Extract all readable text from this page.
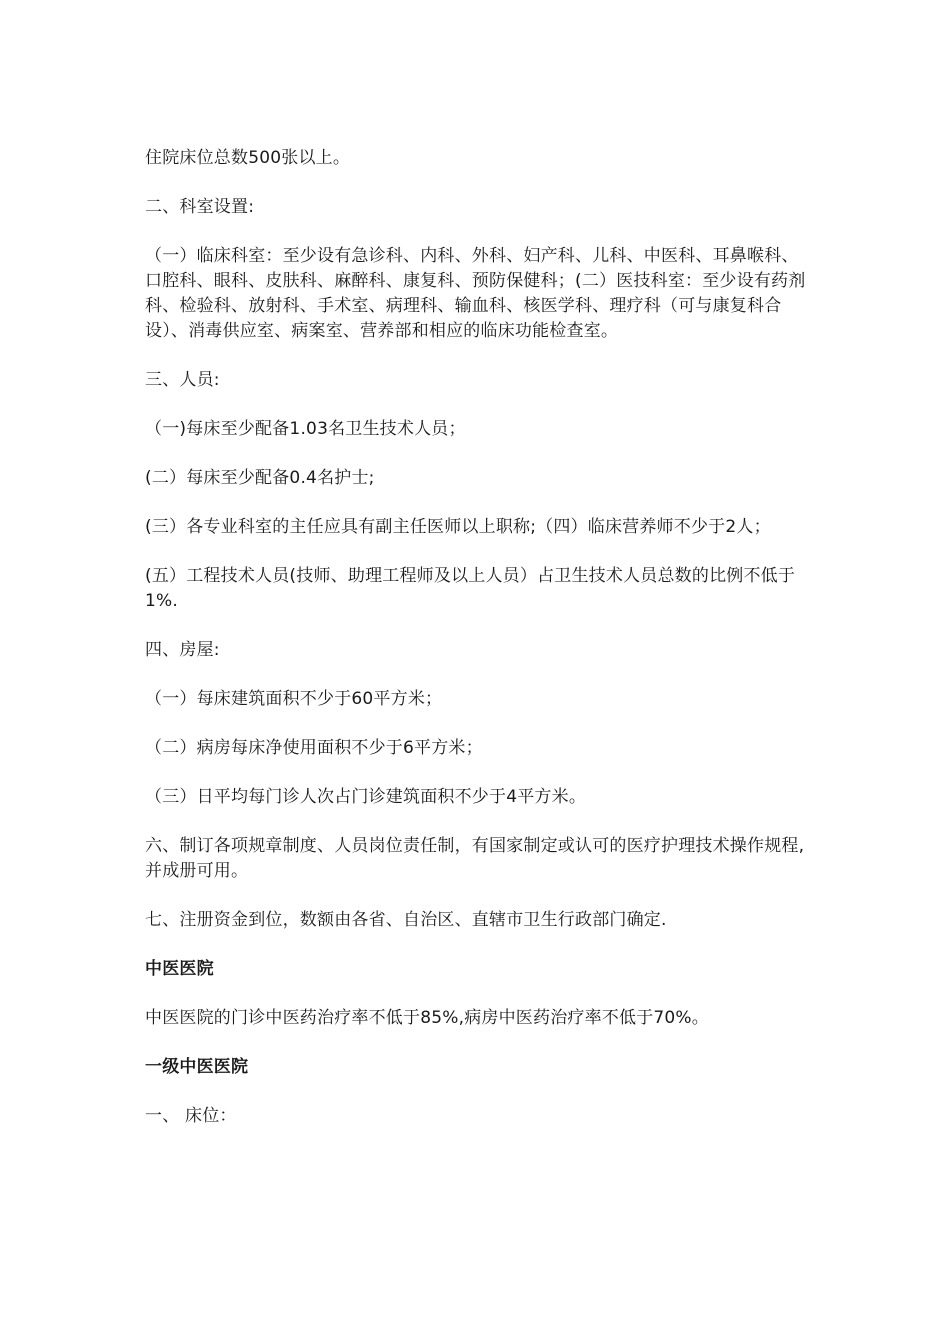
住院床位总数500张以上。

二、科室设置:

（一）临床科室：至少设有急诊科、内科、外科、妇产科、儿科、中医科、耳鼻喉科、口腔科、眼科、皮肤科、麻醉科、康复科、预防保健科；(二）医技科室：至少设有药剂科、检验科、放射科、手术室、病理科、输血科、核医学科、理疗科（可与康复科合设）、消毒供应室、病案室、营养部和相应的临床功能检查室。

三、人员:

（一)每床至少配备1.03名卫生技术人员；

(二）每床至少配备0.4名护士;

(三）各专业科室的主任应具有副主任医师以上职称;（四）临床营养师不少于2人；

(五）工程技术人员(技师、助理工程师及以上人员）占卫生技术人员总数的比例不低于1%.

四、房屋:

（一）每床建筑面积不少于60平方米；

（二）病房每床净使用面积不少于6平方米；

（三）日平均每门诊人次占门诊建筑面积不少于4平方米。

六、制订各项规章制度、人员岗位责任制，有国家制定或认可的医疗护理技术操作规程,并成册可用。

七、注册资金到位，数额由各省、自治区、直辖市卫生行政部门确定.

中医医院

中医医院的门诊中医药治疗率不低于85%,病房中医药治疗率不低于70%。

一级中医医院

一、 床位：
